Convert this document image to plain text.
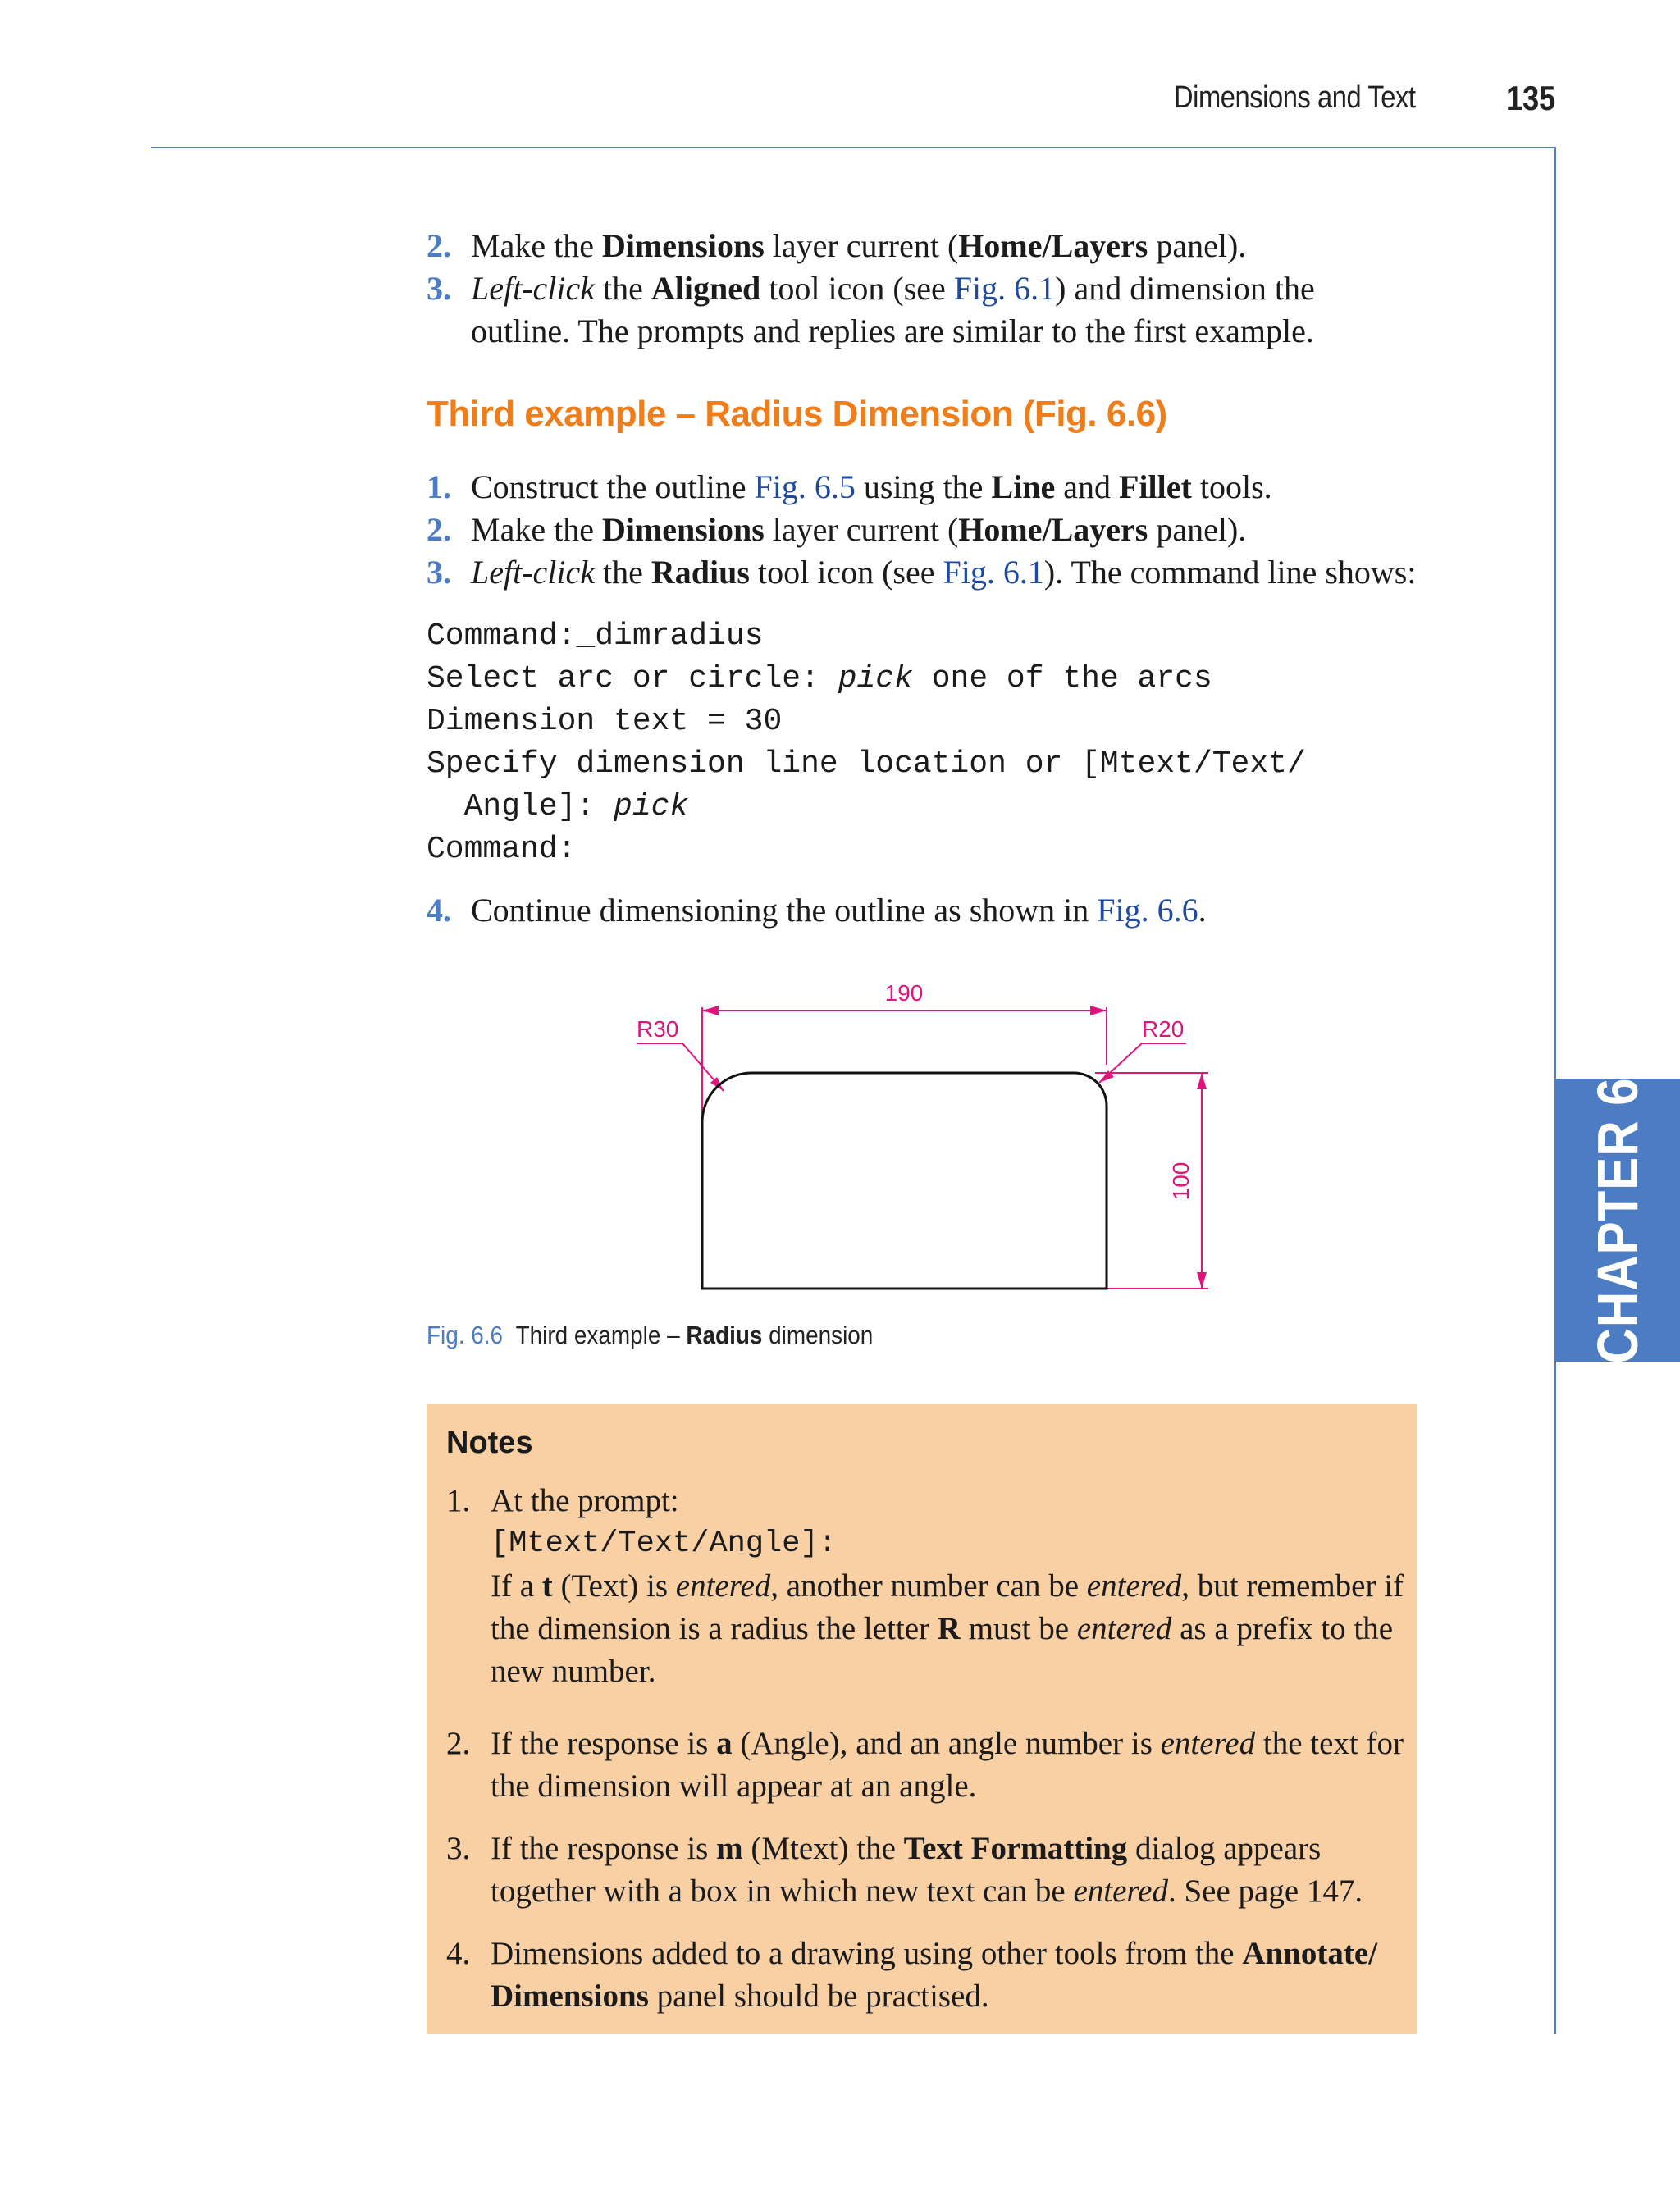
Dimensions and Text	135
CHAPTER 6
2. Make the Dimensions layer current (Home/Layers panel).
3. Left-click the Aligned tool icon (see Fig. 6.1) and dimension the outline. The prompts and replies are similar to the first example.
Third example – Radius Dimension (Fig. 6.6)
1. Construct the outline Fig. 6.5 using the Line and Fillet tools.
2. Make the Dimensions layer current (Home/Layers panel).
3. Left-click the Radius tool icon (see Fig. 6.1). The command line shows:
Command:_dimradius
Select arc or circle: pick one of the arcs
Dimension text = 30
Specify dimension line location or [Mtext/Text/
Angle]: pick
Command:
4. Continue dimensioning the outline as shown in Fig. 6.6.
190
R30	R20
100
Fig. 6.6 Third example – Radius dimension
Notes
1. At the prompt:
[Mtext/Text/Angle]:
If a t (Text) is entered, another number can be entered, but remember if the dimension is a radius the letter R must be entered as a prefix to the new number.
2. If the response is a (Angle), and an angle number is entered the text for the dimension will appear at an angle.
3. If the response is m (Mtext) the Text Formatting dialog appears together with a box in which new text can be entered. See page 147.
4. Dimensions added to a drawing using other tools from the Annotate/ Dimensions panel should be practised.
